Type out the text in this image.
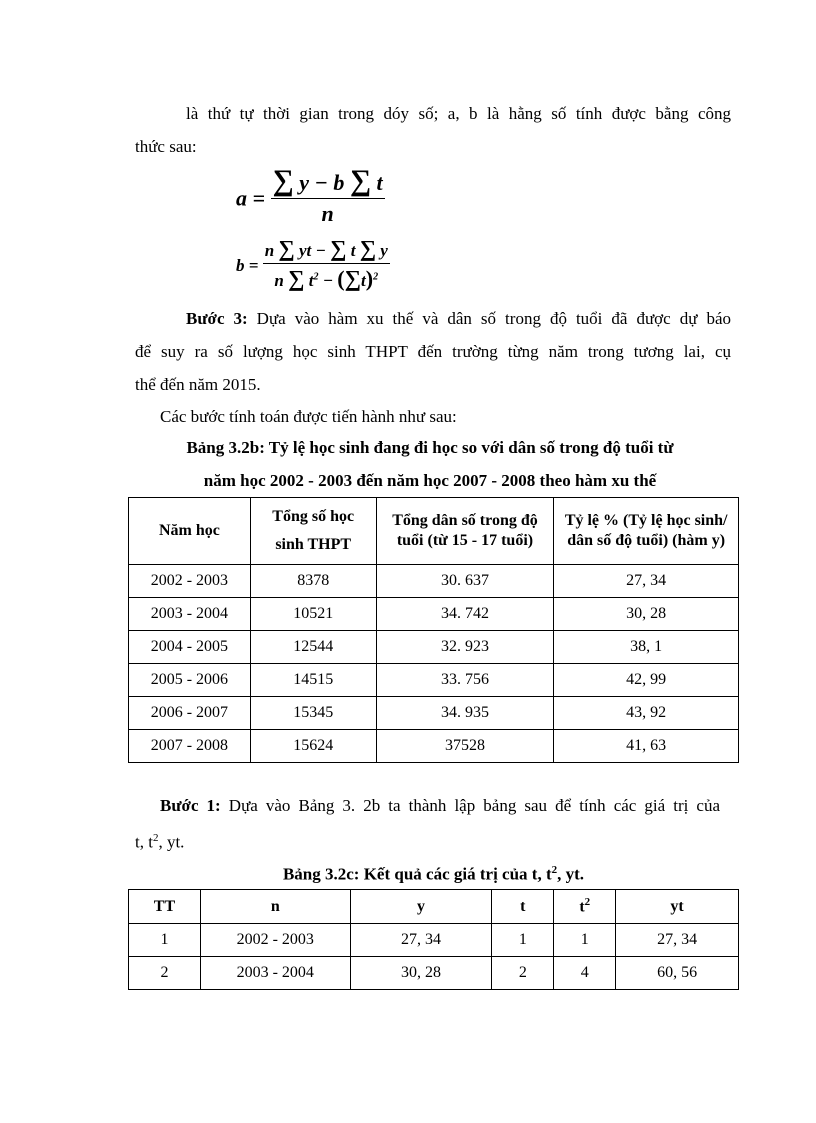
là thứ tự thời gian trong dóy số; a, b là hằng số tính được bằng công

thức sau:

$a = \frac{\sum y - b \sum t}{n}$
b =
n ∑ yt − ∑ t ∑ y
n ∑ $t^2 - (\sum t)^2$

Bước 3: Dựa vào hàm xu thế và dân số trong độ tuổi đã được dự báo

để suy ra số lượng học sinh THPT đến trường từng năm trong tương lai, cụ

thể đến năm 2015.

Các bước tính toán được tiến hành như sau:

Bảng 3.2b: Tỷ lệ học sinh đang đi học so với dân số trong độ tuổi từ
năm học 2002 - 2003 đến năm học 2007 - 2008 theo hàm xu thế
Năm học	Tổng số học sinh THPT	Tổng dân số trong độ tuổi (từ 15 - 17 tuổi)	Tỷ lệ % (Tỷ lệ học sinh/ dân số độ tuổi) (hàm y)
2002 - 2003	8378	30. 637	27, 34
2003 - 2004	10521	34. 742	30, 28
2004 - 2005	12544	32. 923	38, 1
2005 - 2006	14515	33. 756	42, 99
2006 - 2007	15345	34. 935	43, 92
2007 - 2008	15624	37528	41, 63

Bước 1: Dựa vào Bảng 3. 2b ta thành lập bảng sau để tính các giá trị của

t, $t^2$, yt.

Bảng 3.2c: Kết quả các giá trị của t, $t^2$, yt.
TT	n	y	t	$t^2$	yt
1	2002 - 2003	27, 34	1	1	27, 34
2	2003 - 2004	30, 28	2	4	60, 56
